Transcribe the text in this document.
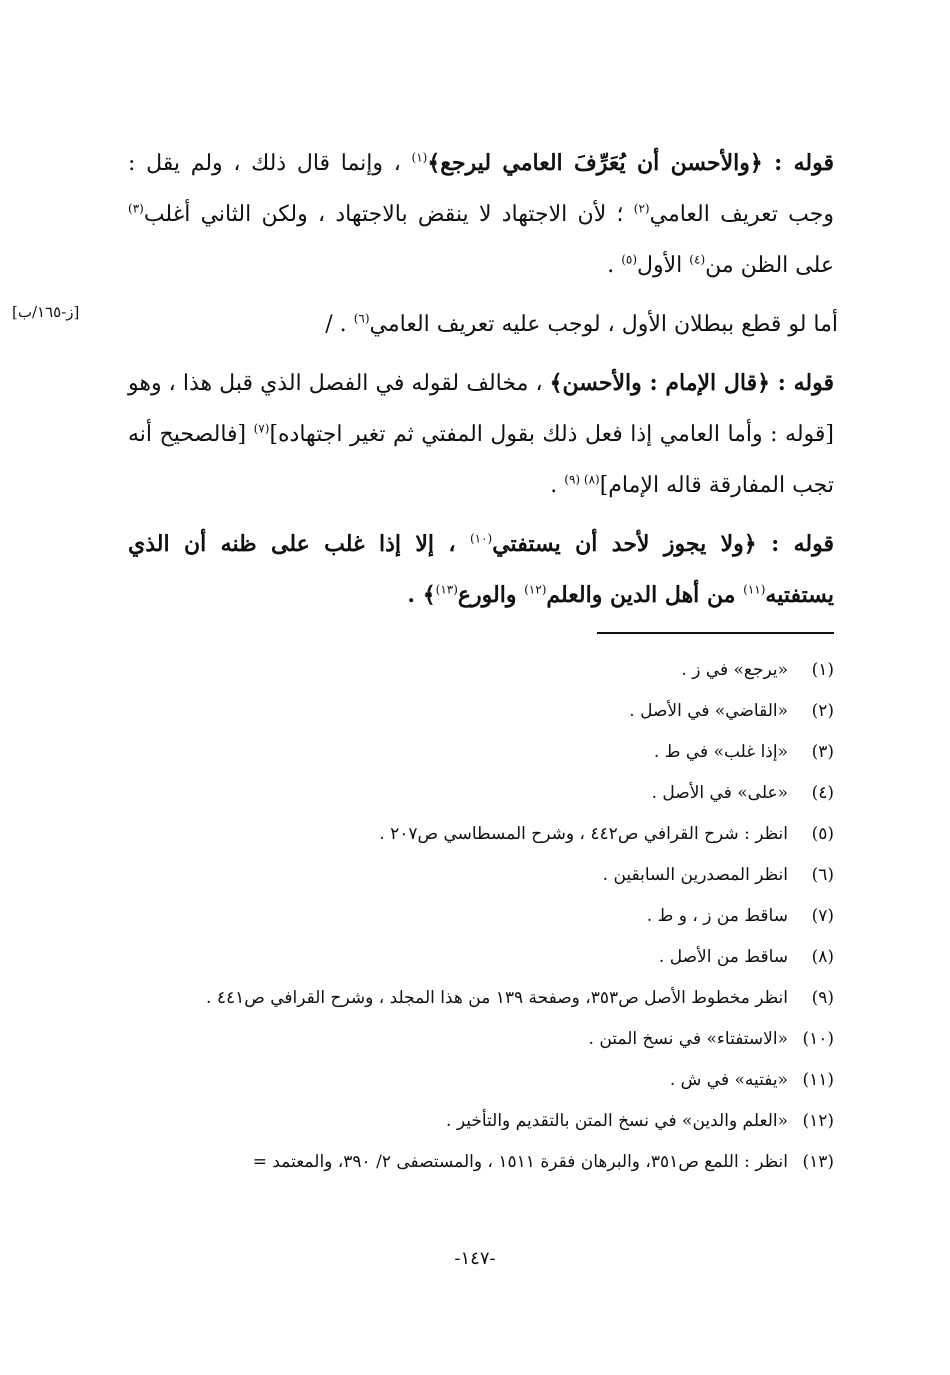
قوله : ﴿والأحسن أن يُعَرِّفَ العامي ليرجع﴾$^{(١)}$ ، وإنما قال ذلك ، ولم يقل : وجب تعريف العامي$^{(٢)}$ ؛ لأن الاجتهاد لا ينقض بالاجتهاد ، ولكن الثاني أغلب$^{(٣)}$ على الظن من$^{(٤)}$ الأول$^{(٥)}$ .

أما لو قطع ببطلان الأول ، لوجب عليه تعريف العامي$^{(٦)}$ . /

قوله : ﴿قال الإمام : والأحسن﴾ ، مخالف لقوله في الفصل الذي قبل هذا ، وهو [قوله : وأما العامي إذا فعل ذلك بقول المفتي ثم تغير اجتهاده]$^{(٧)}$ [فالصحيح أنه تجب المفارقة قاله الإمام]$^{(٨) (٩)}$ .

قوله : ﴿ولا يجوز لأحد أن يستفتي$^{(١٠)}$ ، إلا إذا غلب على ظنه أن الذي يستفتيه$^{(١١)}$ من أهل الدين والعلم$^{(١٢)}$ والورع$^{(١٣)}$﴾ .

[ز-١٦٥/ب]
(١)
«يرجع» في ز .
(٢)
«القاضي» في الأصل .
(٣)
«إذا غلب» في ط .
(٤)
«على» في الأصل .
(٥)
انظر : شرح القرافي ص٤٤٢ ، وشرح المسطاسي ص٢٠٧ .
(٦)
انظر المصدرين السابقين .
(٧)
ساقط من ز ، و ط .
(٨)
ساقط من الأصل .
(٩)
انظر مخطوط الأصل ص٣٥٣، وصفحة ١٣٩ من هذا المجلد ، وشرح القرافي ص٤٤١ .
(١٠)
«الاستفتاء» في نسخ المتن .
(١١)
«يفتيه» في ش .
(١٢)
«العلم والدين» في نسخ المتن بالتقديم والتأخير .
(١٣)
انظر : اللمع ص٣٥١، والبرهان فقرة ١٥١١ ، والمستصفى ٢/ ٣٩٠، والمعتمد =
-١٤٧-
